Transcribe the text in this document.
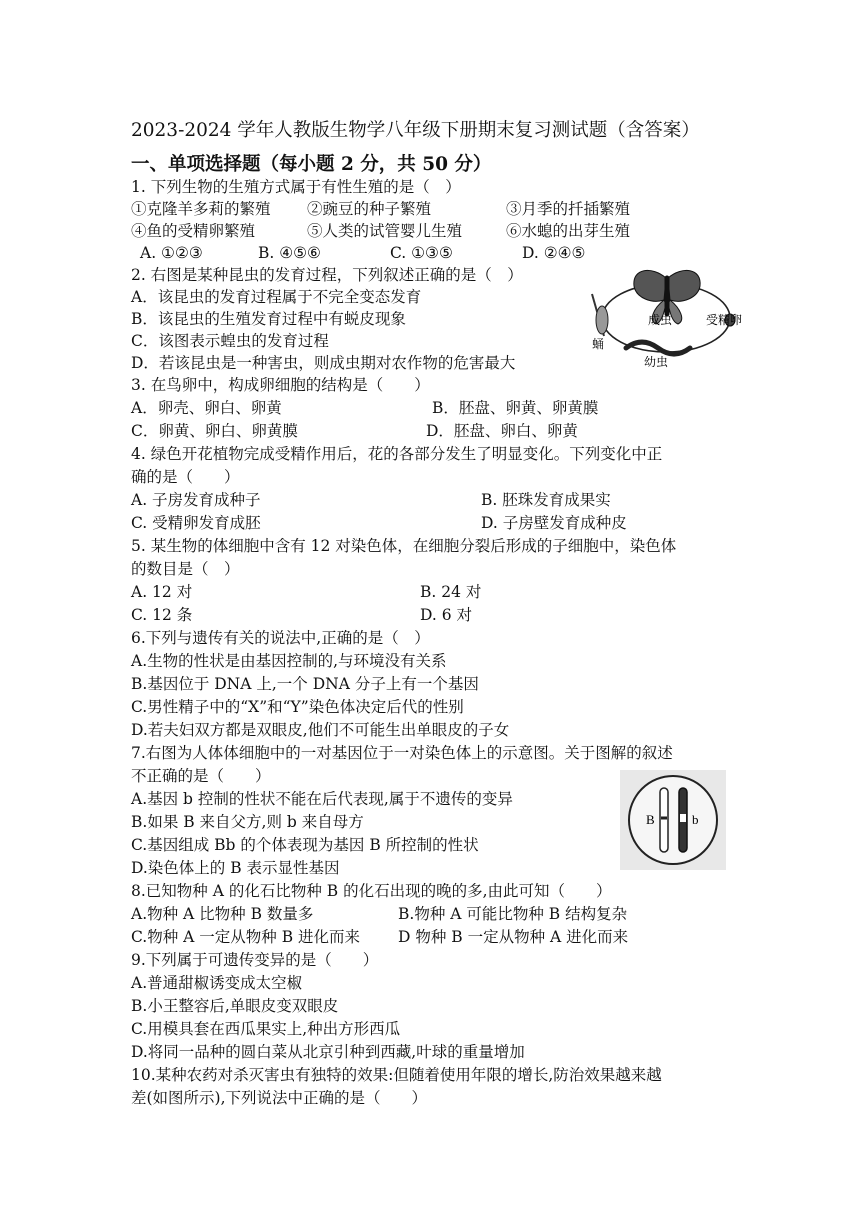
2023-2024 学年人教版生物学八年级下册期末复习测试题（含答案）
一、单项选择题（每小题 2 分，共 50 分）
1. 下列生物的生殖方式属于有性生殖的是（　）
①克隆羊多莉的繁殖 ②豌豆的种子繁殖	③月季的扦插繁殖
④鱼的受精卵繁殖	⑤人类的试管婴儿生殖	⑥水螅的出芽生殖
A. ①②③	B. ④⑤⑥	C. ①③⑤	D. ②④⑤
2. 右图是某种昆虫的发育过程，下列叙述正确的是（　）
A．该昆虫的发育过程属于不完全变态发育
B．该昆虫的生殖发育过程中有蜕皮现象
C．该图表示蝗虫的发育过程
D．若该昆虫是一种害虫，则成虫期对农作物的危害最大
成虫	受精卵
蛹
幼虫
3. 在鸟卵中，构成卵细胞的结构是（　　）
A．卵壳、卵白、卵黄	B．胚盘、卵黄、卵黄膜
C．卵黄、卵白、卵黄膜	D．胚盘、卵白、卵黄
4. 绿色开花植物完成受精作用后，花的各部分发生了明显变化。下列变化中正
确的是（　　）
A. 子房发育成种子	B. 胚珠发育成果实
C. 受精卵发育成胚	D. 子房壁发育成种皮
5. 某生物的体细胞中含有 12 对染色体，在细胞分裂后形成的子细胞中，染色体
的数目是（　）
A. 12 对	B. 24 对
C. 12 条	D. 6 对
6.下列与遗传有关的说法中,正确的是（　）
A.生物的性状是由基因控制的,与环境没有关系
B.基因位于 DNA 上,一个 DNA 分子上有一个基因
C.男性精子中的“X”和“Y”染色体决定后代的性别
D.若夫妇双方都是双眼皮,他们不可能生出单眼皮的子女
7.右图为人体体细胞中的一对基因位于一对染色体上的示意图。关于图解的叙述
不正确的是（　　）
A.基因 b 控制的性状不能在后代表现,属于不遗传的变异
B.如果 B 来自父方,则 b 来自母方
C.基因组成 Bb 的个体表现为基因 B 所控制的性状
D.染色体上的 B 表示显性基因
B	b
8.已知物种 A 的化石比物种 B 的化石出现的晚的多,由此可知（　　）
A.物种 A 比物种 B 数量多	B.物种 A 可能比物种 B 结构复杂
C.物种 A 一定从物种 B 进化而来 D 物种 B 一定从物种 A 进化而来
9.下列属于可遗传变异的是（　　）
A.普通甜椒诱变成太空椒
B.小王整容后,单眼皮变双眼皮
C.用模具套在西瓜果实上,种出方形西瓜
D.将同一品种的圆白菜从北京引种到西藏,叶球的重量增加
10.某种农药对杀灭害虫有独特的效果:但随着使用年限的增长,防治效果越来越
差(如图所示),下列说法中正确的是（　　）
